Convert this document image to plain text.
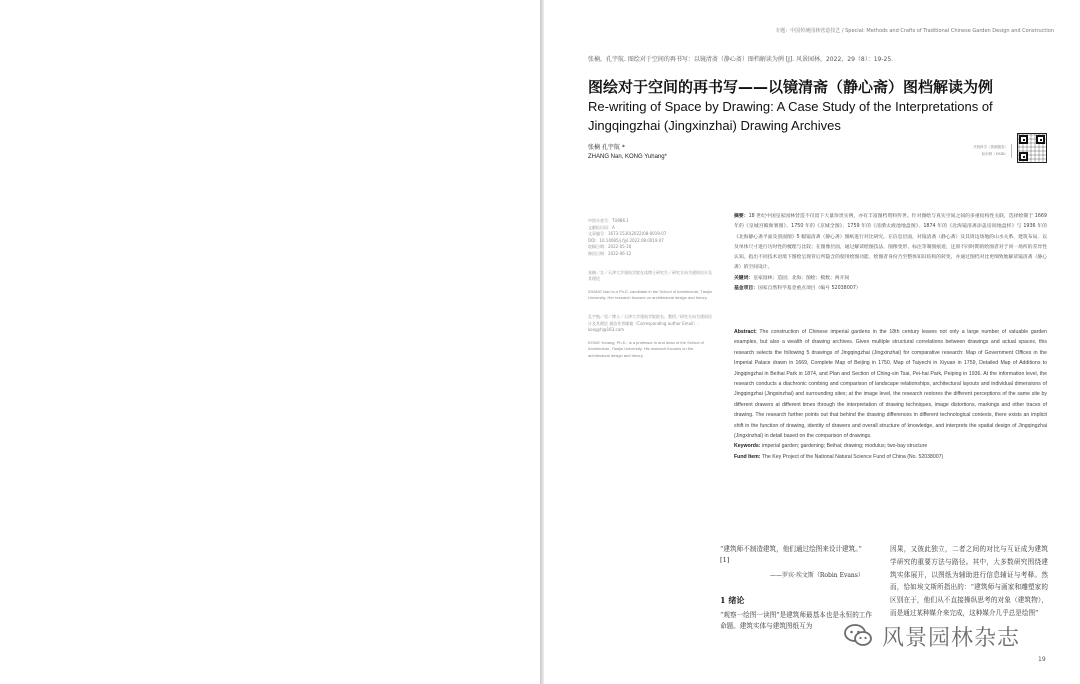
专题：中国传统园林营造技艺 / Special: Methods and Crafts of Traditional Chinese Garden Design and Construction
张楠，孔宇航. 图绘对于空间的再书写：以镜清斋（静心斋）图档解读为例 [J]. 风景园林，2022，29（8）：19-25.
图绘对于空间的再书写——以镜清斋（静心斋）图档解读为例
Re-writing of Space by Drawing: A Case Study of the Interpretations of Jingqingzhai (Jingxinzhai) Drawing Archives
张楠 孔宇航 *
ZHANG Nan, KONG Yuhang*
开放科学（资源服务）
标识码（OSID）
中图分类号：TU986.1
文献标识码：A
文章编号：1673-1530(2022)08-0019-07
DOI：10.14085/j.fjyl.2022.08.0019.07
收稿日期：2022-05-16
修回日期：2022-06-12
张楠／女／天津大学建筑学院在读博士研究生／研究方向为建筑设计及其理论
ZHANG Nan is a Ph.D. candidate in the School of Architecture, Tianjin University. Her research focuses on architectural design and theory.
孔宇航／男／博士／天津大学建筑学院院长、教授／研究方向为建筑设计及其理论 通信作者邮箱（Corresponding author Email）：kongyh@163.com
KONG Yuhang, Ph.D., is a professor in and dean of the School of Architecture, Tianjin University. His research focuses on the architectural design and theory.
摘要：18 世纪中国皇家园林营造不仅留下大量珍贵实例，亦有丰富图档资料传世。针对图绘与真实空间之间的多重结构性关联，选择绘制于 1669 年的《皇城宫殿衙署图》、1750 年的《京城全图》、1759 年的《清漪太液池地盘图》、1874 年的《北海镜清斋添盖房间地盘样》与 1936 年的《北海静心斋平面及剖面图》5 幅镜清斋（静心斋）图纸进行对比研究。在信息层面，对镜清斋（静心斋）及其周边场地的山水关系、建筑布局、以及单体尺寸进行历时性的梳理与比较；在图像层面，通过解读绘图技法、图像变形、标注等制图痕迹，还原不同时期的绘图者对于同一场所的差异性认知。指出不同技术语境下图绘呈现背后所隐含的使用绘图功能、绘图者身份乃至整体知识结构的转变，并通过图档对比更细致地解读镜清斋（静心斋）的空间设计。
关键词：皇家园林；造园；北海；图绘；模数；两开间
基金项目：国家自然科学基金重点项目（编号 52038007）
Abstract: The construction of Chinese imperial gardens in the 18th century leaves not only a large number of valuable garden examples, but also a wealth of drawing archives. Given multiple structural correlations between drawings and actual spaces, this research selects the following 5 drawings of Jingqingzhai (Jingxinzhai) for comparative research: Map of Government Offices in the Imperial Palace drawn in 1669, Complete Map of Beijing in 1750, Map of Taiyechi in Xiyuan in 1759, Detailed Map of Additions to Jingqingzhai in Beihai Park in 1874, and Plan and Section of Ching-sin Tsai, Pei-hai Park, Peiping in 1936. At the information level, the research conducts a diachronic combing and comparison of landscape relationships, architectural layouts and individual dimensions of Jingqingzhai (Jingxinzhai) and surrounding sites; at the image level, the research restores the different perceptions of the same site by different drawers at different times through the interpretation of drawing techniques, image distortions, markings and other traces of drawing. The research further points out that behind the drawing differences in different technological contexts, there exists an implicit shift in the function of drawing, identity of drawers and overall structure of knowledge, and interprets the spatial design of Jingqingzhai (Jingxinzhai) in detail based on the comparison of drawings.
Keywords: imperial garden; gardening; Beihai; drawing; modulus; two-bay structure
Fund Item: The Key Project of the National Natural Science Fund of China (No. 52038007)
“建筑师不制造建筑，他们通过绘图来设计建筑。” [1]
——罗宾·埃文斯（Robin Evans）
1 绪论
“观察一绘图一读图”是建筑师最基本也是永恒的工作命题。建筑实体与建筑图纸互为
因果，又彼此独立，二者之间的对比与互证成为建筑学研究的重要方法与路径。其中，大多数研究围绕建筑实体展开，以图纸为辅助进行信息辅证与考释。然而，恰如埃文斯所指出的：“建筑师与画家和雕塑家的区别在于，他们从不直接操纵思考的对象（建筑物），而是通过某种媒介来完成，这种媒介几乎总是绘图”
风景园林杂志
19
